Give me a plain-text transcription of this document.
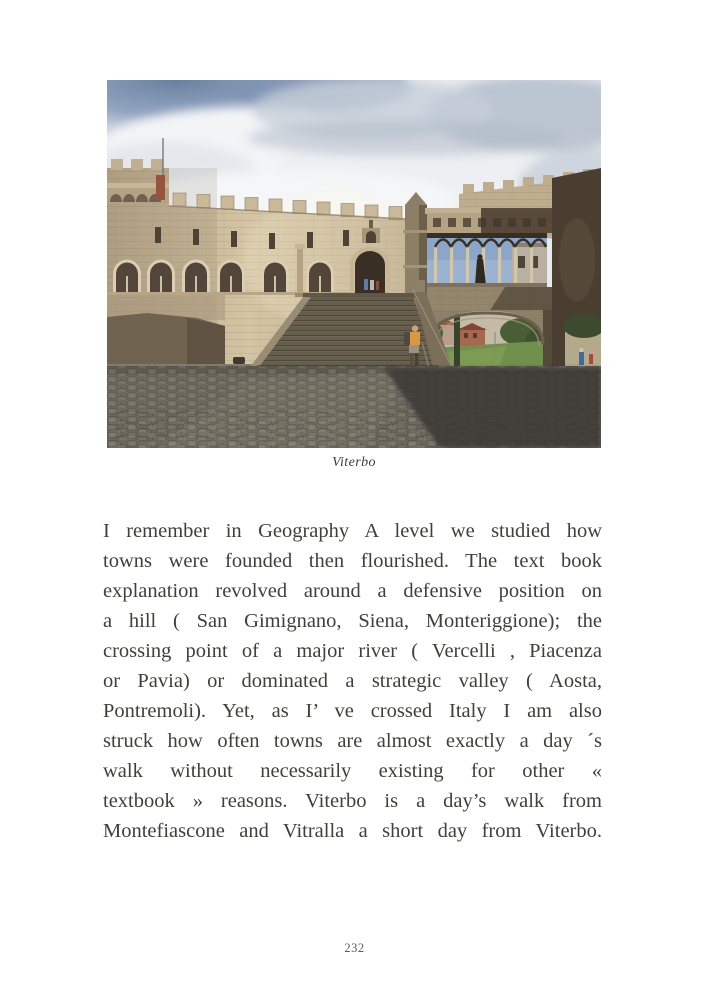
Viterbo
I remember in Geography A level we studied how
towns were founded then flourished. The text book
explanation revolved around a defensive position on
a hill ( San Gimignano, Siena, Monteriggione); the
crossing point of a major river ( Vercelli , Piacenza
or Pavia) or dominated a strategic valley ( Aosta,
Pontremoli). Yet, as I’ ve crossed Italy I am also
struck how often towns are almost exactly a day ´s
walk without necessarily existing for other «
textbook » reasons. Viterbo is a day’s walk from
Montefiascone and Vitralla a short day from Viterbo.
232
